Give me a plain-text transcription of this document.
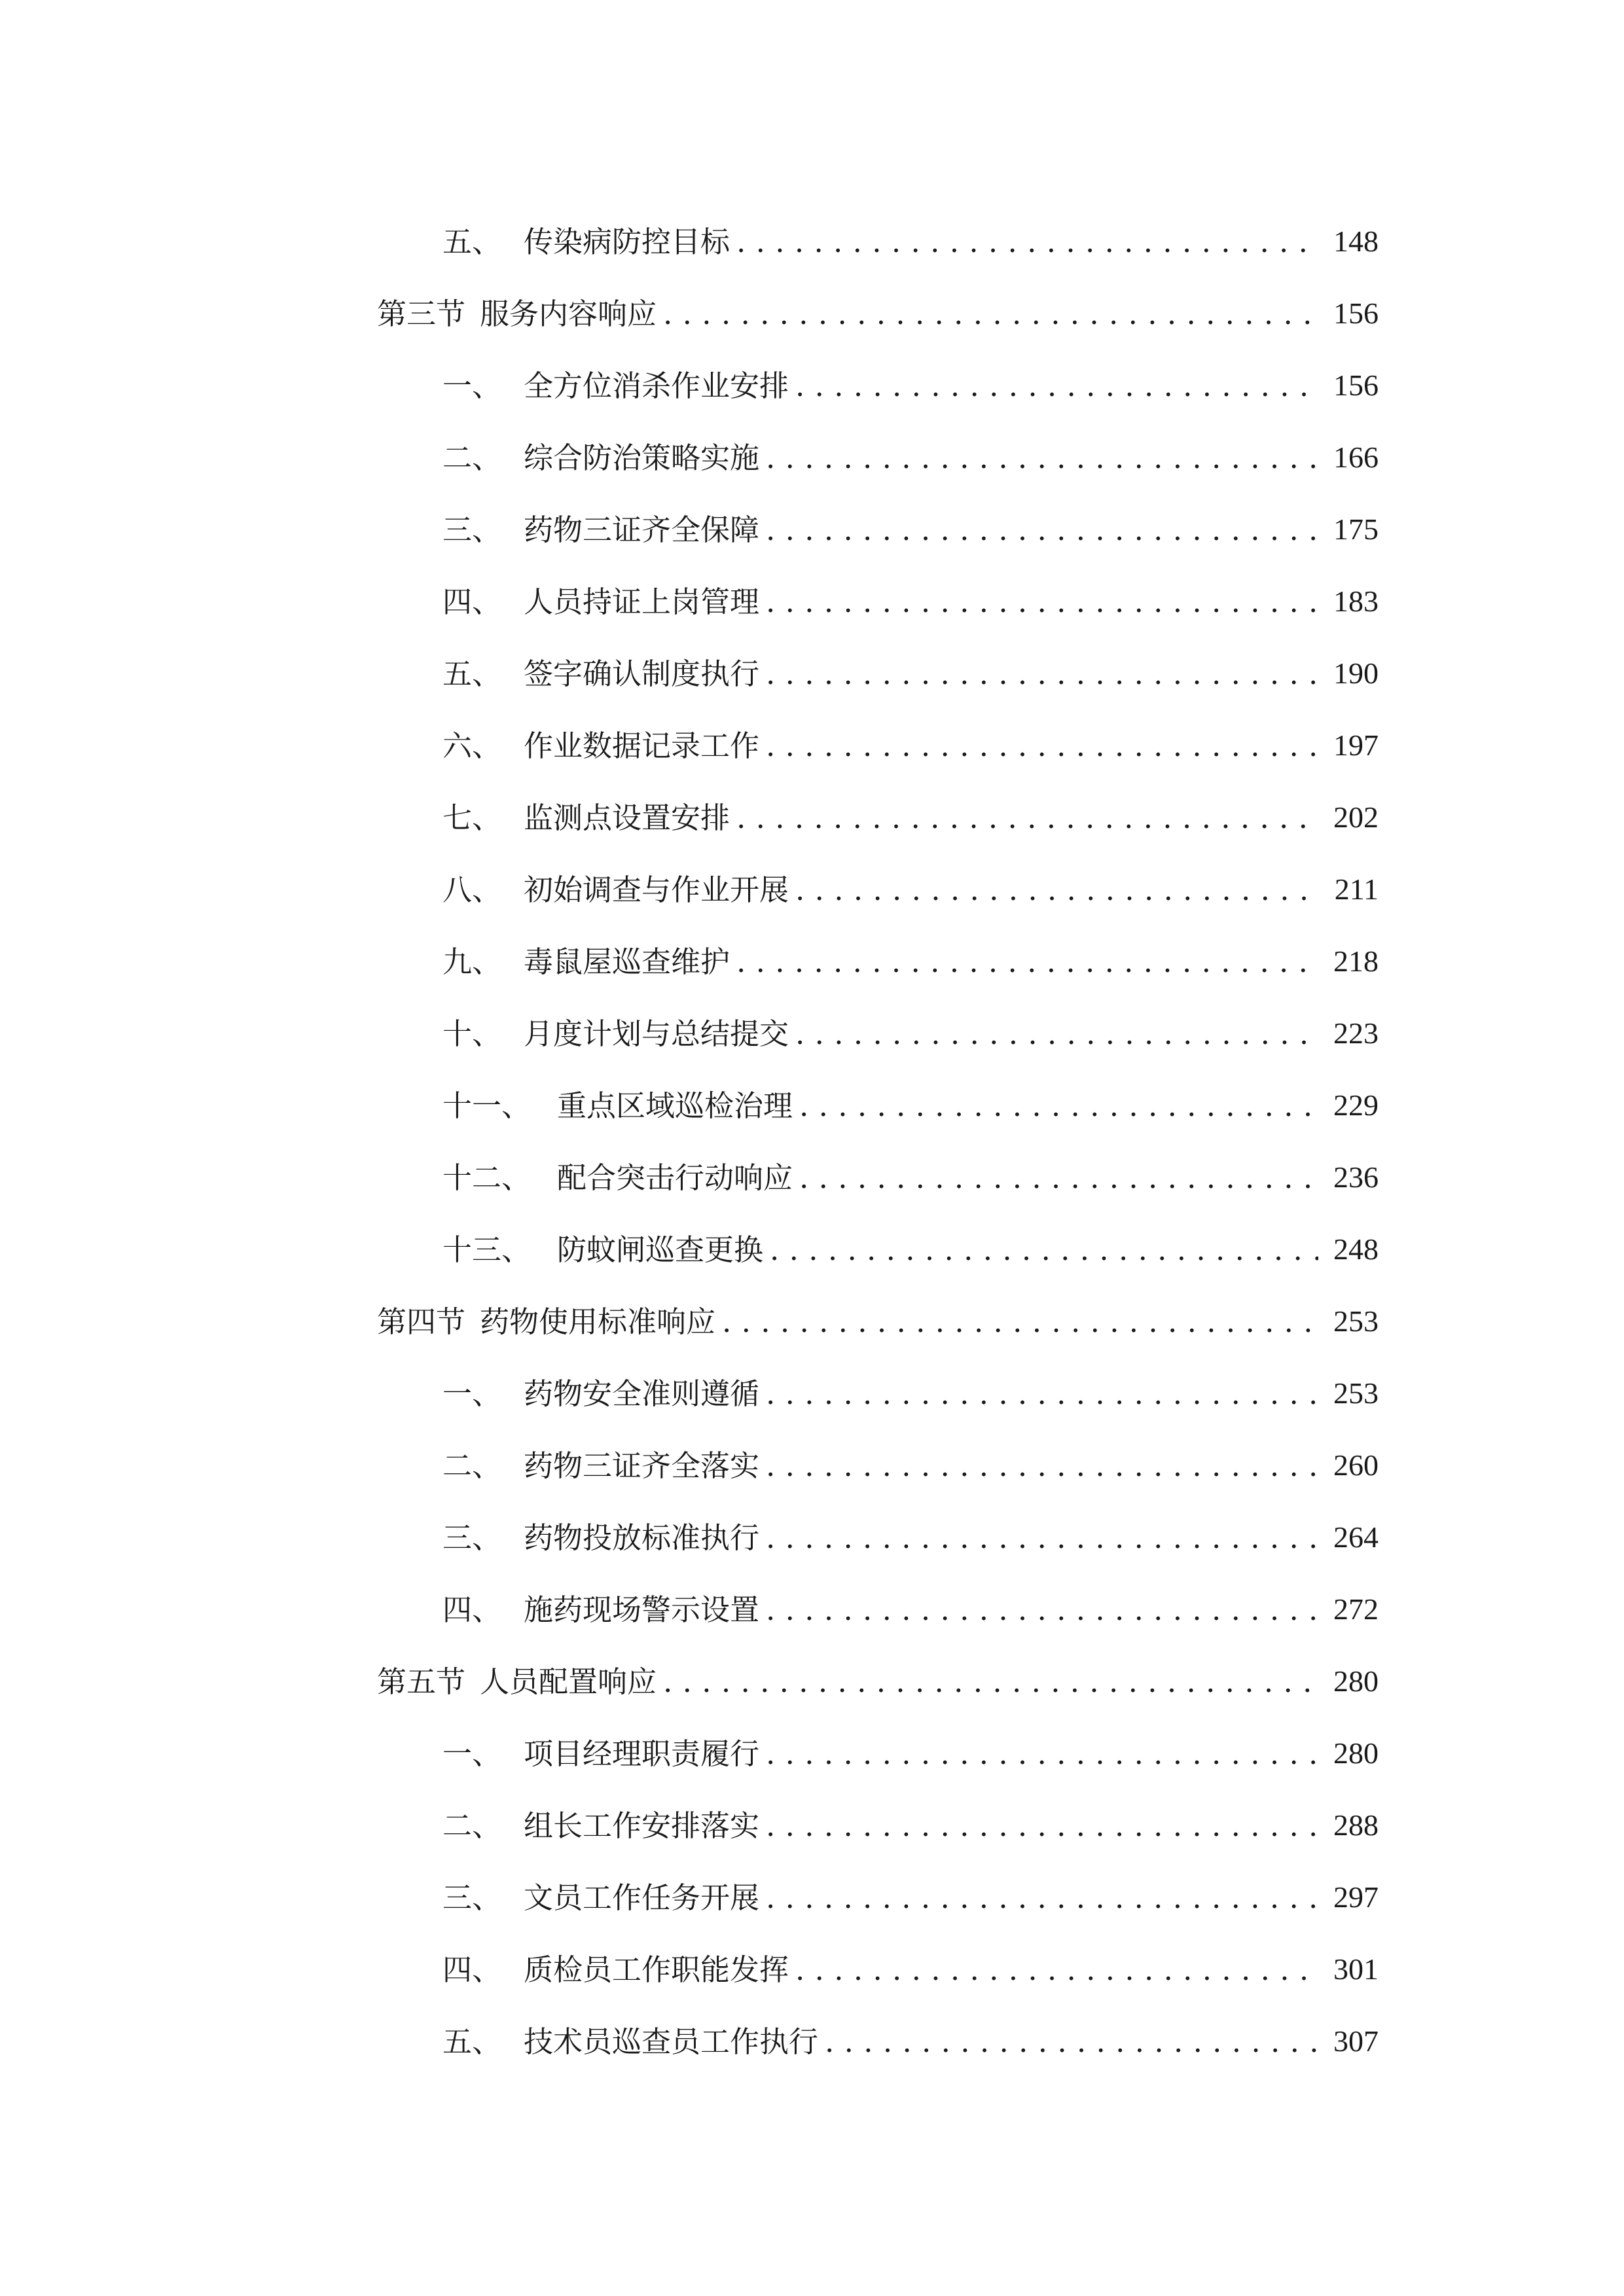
五、 传染病防控目标 . . .	148
第三节 服务内容响应 . . .	156
一、 全方位消杀作业安排 . . .	156
二、 综合防治策略实施 . . .	166
三、 药物三证齐全保障 . . .	175
四、 人员持证上岗管理 . . .	183
五、 签字确认制度执行 . . .	190
六、 作业数据记录工作 . . .	197
七、 监测点设置安排 . . .	202
八、 初始调查与作业开展 . . .	211
九、 毒鼠屋巡查维护 . . .	218
十、 月度计划与总结提交 . . .	223
十一、 重点区域巡检治理 . . .	229
十二、 配合突击行动响应 . . .	236
十三、 防蚊闸巡查更换 . . .	248
第四节 药物使用标准响应 . . .	253
一、 药物安全准则遵循 . . .	253
二、 药物三证齐全落实 . . .	260
三、 药物投放标准执行 . . .	264
四、 施药现场警示设置 . . .	272
第五节 人员配置响应 . . .	280
一、 项目经理职责履行 . . .	280
二、 组长工作安排落实 . . .	288
三、 文员工作任务开展 . . .	297
四、 质检员工作职能发挥 . . .	301
五、 技术员巡查员工作执行 . . .	307
